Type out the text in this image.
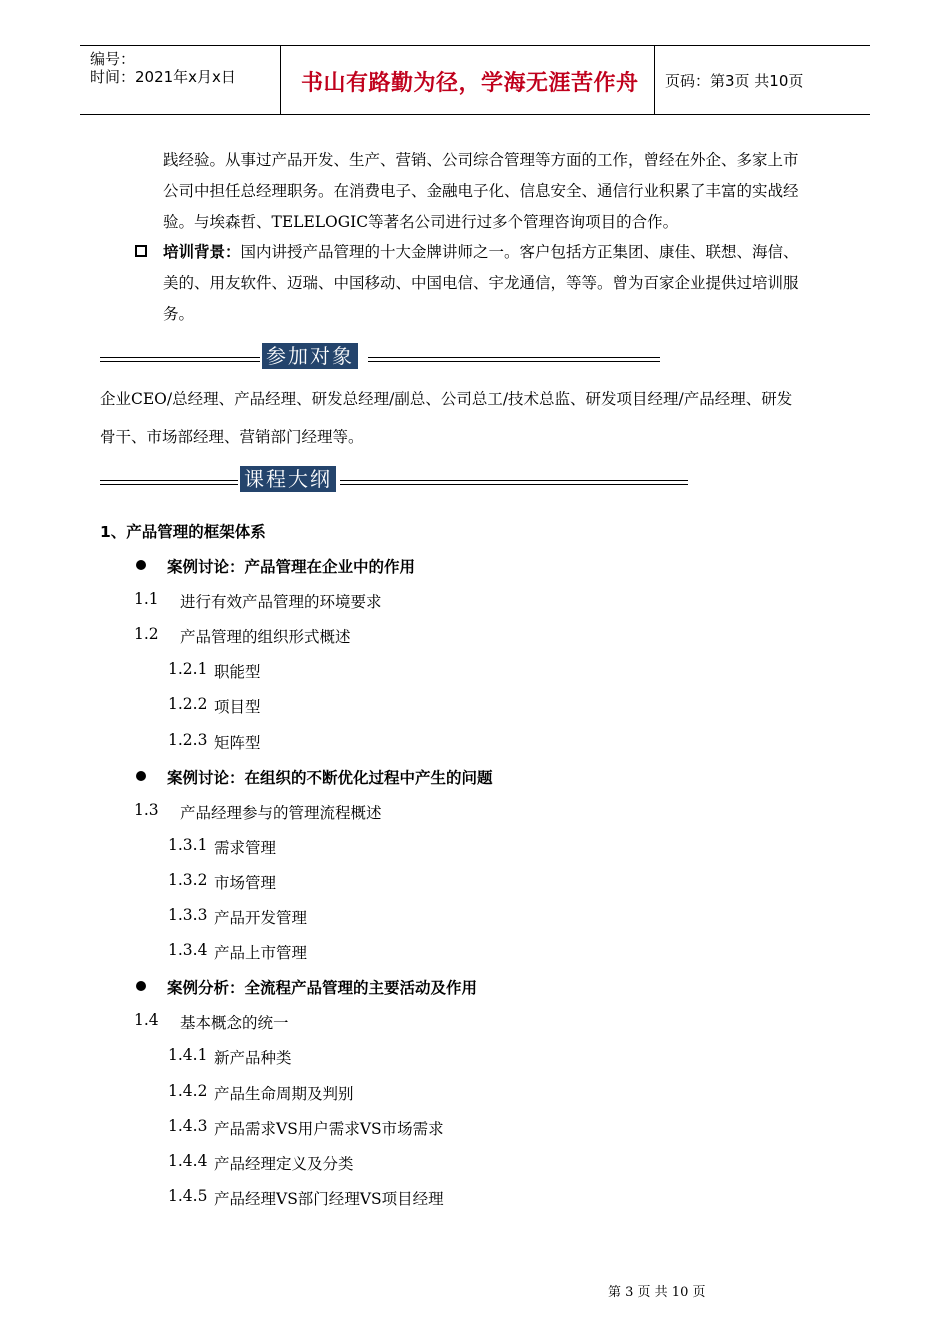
编号：
时间：2021年x月x日	书山有路勤为径，学海无涯苦作舟 页码：第3页 共10页
践经验。从事过产品开发、生产、营销、公司综合管理等方面的工作，曾经在外企、多家上市
公司中担任总经理职务。在消费电子、金融电子化、信息安全、通信行业积累了丰富的实战经
验。与埃森哲、TELELOGIC等著名公司进行过多个管理咨询项目的合作。
培训背景：国内讲授产品管理的十大金牌讲师之一。客户包括方正集团、康佳、联想、海信、
美的、用友软件、迈瑞、中国移动、中国电信、宇龙通信，等等。曾为百家企业提供过培训服
务。
参加对象
企业CEO/总经理、产品经理、研发总经理/副总、公司总工/技术总监、研发项目经理/产品经理、研发
骨干、市场部经理、营销部门经理等。
课程大纲
1、产品管理的框架体系
案例讨论：产品管理在企业中的作用
1.1 进行有效产品管理的环境要求
1.2 产品管理的组织形式概述
1.2.1 职能型
1.2.2 项目型
1.2.3 矩阵型
案例讨论：在组织的不断优化过程中产生的问题
1.3 产品经理参与的管理流程概述
1.3.1 需求管理
1.3.2 市场管理
1.3.3 产品开发管理
1.3.4 产品上市管理
案例分析：全流程产品管理的主要活动及作用
1.4 基本概念的统一
1.4.1 新产品种类
1.4.2 产品生命周期及判别
1.4.3 产品需求VS用户需求VS市场需求
1.4.4 产品经理定义及分类
1.4.5 产品经理VS部门经理VS项目经理
第 3 页 共 10 页
